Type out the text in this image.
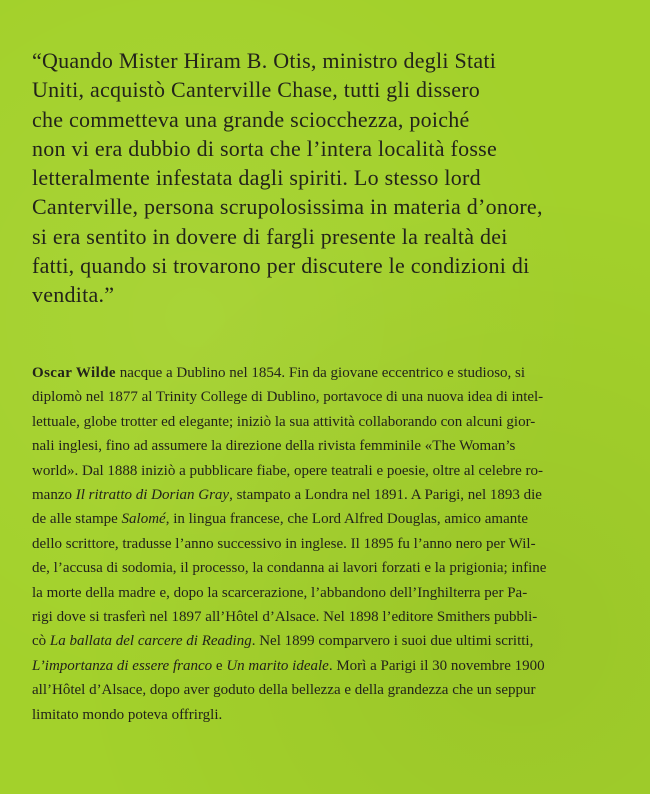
“Quando Mister Hiram B. Otis, ministro degli Stati
Uniti, acquistò Canterville Chase, tutti gli dissero
che commetteva una grande sciocchezza, poiché
non vi era dubbio di sorta che l’intera località fosse
letteralmente infestata dagli spiriti. Lo stesso lord
Canterville, persona scrupolosissima in materia d’onore,
si era sentito in dovere di fargli presente la realtà dei
fatti, quando si trovarono per discutere le condizioni di
vendita.”
Oscar Wilde nacque a Dublino nel 1854. Fin da giovane eccentrico e studioso, si
diplomò nel 1877 al Trinity College di Dublino, portavoce di una nuova idea di intel-
lettuale, globe trotter ed elegante; iniziò la sua attività collaborando con alcuni gior-
nali inglesi, fino ad assumere la direzione della rivista femminile «The Woman’s
world». Dal 1888 iniziò a pubblicare fiabe, opere teatrali e poesie, oltre al celebre ro-
manzo Il ritratto di Dorian Gray, stampato a Londra nel 1891. A Parigi, nel 1893 die
de alle stampe Salomé, in lingua francese, che Lord Alfred Douglas, amico amante
dello scrittore, tradusse l’anno successivo in inglese. Il 1895 fu l’anno nero per Wil-
de, l’accusa di sodomia, il processo, la condanna ai lavori forzati e la prigionia; infine
la morte della madre e, dopo la scarcerazione, l’abbandono dell’Inghilterra per Pa-
rigi dove si trasferì nel 1897 all’Hôtel d’Alsace. Nel 1898 l’editore Smithers pubbli-
cò La ballata del carcere di Reading. Nel 1899 comparvero i suoi due ultimi scritti,
L’importanza di essere franco e Un marito ideale. Morì a Parigi il 30 novembre 1900
all’Hôtel d’Alsace, dopo aver goduto della bellezza e della grandezza che un seppur
limitato mondo poteva offrirgli.
